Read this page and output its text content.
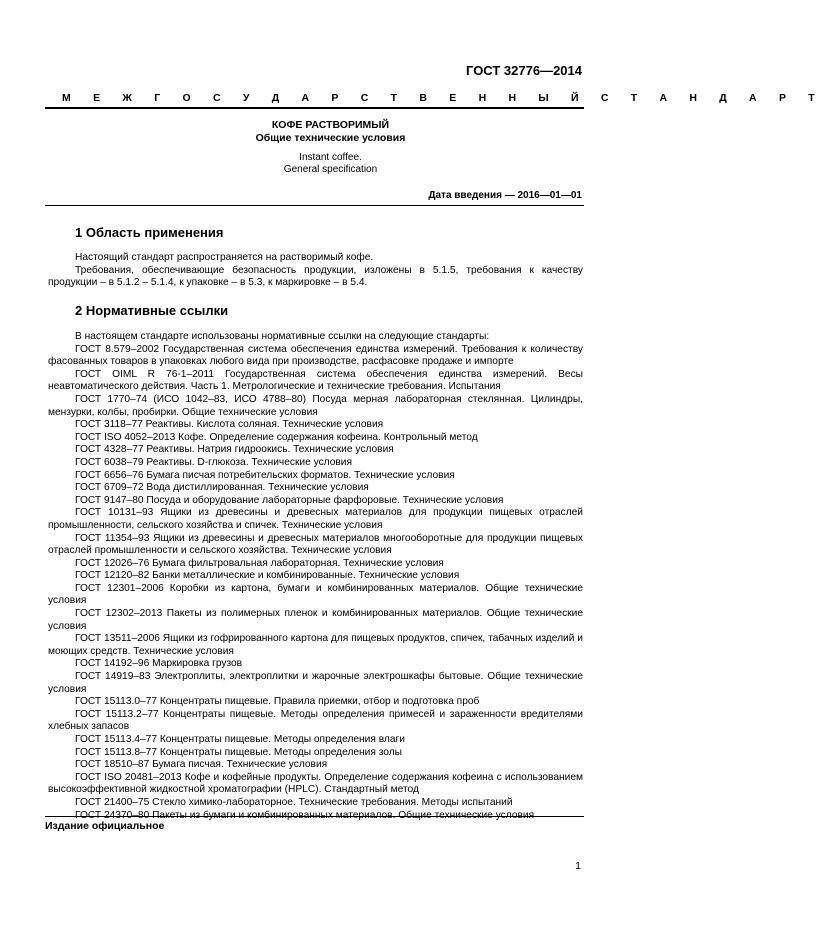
ГОСТ 32776—2014
М Е Ж Г О С У Д А Р С Т В Е Н Н Ы Й С Т А Н Д А Р Т
КОФЕ РАСТВОРИМЫЙ
Общие технические условия
Instant coffee.
General specification
Дата введения — 2016—01—01
1 Область применения

Настоящий стандарт распространяется на растворимый кофе.

Требования, обеспечивающие безопасность продукции, изложены в 5.1.5, требования к качеству продукции – в 5.1.2 – 5.1.4, к упаковке – в 5.3, к маркировке – в 5.4.

2 Нормативные ссылки

В настоящем стандарте использованы нормативные ссылки на следующие стандарты:

ГОСТ 8.579–2002 Государственная система обеспечения единства измерений. Требования к количеству фасованных товаров в упаковках любого вида при производстве, расфасовке продаже и импорте

ГОСТ OIML R 76-1–2011 Государственная система обеспечения единства измерений. Весы неавтоматического действия. Часть 1. Метрологические и технические требования. Испытания

ГОСТ 1770–74 (ИСО 1042–83, ИСО 4788–80) Посуда мерная лабораторная стеклянная. Цилиндры, мензурки, колбы, пробирки. Общие технические условия

ГОСТ 3118–77 Реактивы. Кислота соляная. Технические условия

ГОСТ ISO 4052–2013 Кофе. Определение содержания кофеина. Контрольный метод

ГОСТ 4328–77 Реактивы. Натрия гидроокись. Технические условия

ГОСТ 6038–79 Реактивы. D-глюкоза. Технические условия

ГОСТ 6656–76 Бумага писчая потребительских форматов. Технические условия

ГОСТ 6709–72 Вода дистиллированная. Технические условия

ГОСТ 9147–80 Посуда и оборудование лабораторные фарфоровые. Технические условия

ГОСТ 10131–93 Ящики из древесины и древесных материалов для продукции пищевых отраслей промышленности, сельского хозяйства и спичек. Технические условия

ГОСТ 11354–93 Ящики из древесины и древесных материалов многооборотные для продукции пищевых отраслей промышленности и сельского хозяйства. Технические условия

ГОСТ 12026–76 Бумага фильтровальная лабораторная. Технические условия

ГОСТ 12120–82 Банки металлические и комбинированные. Технические условия

ГОСТ 12301–2006 Коробки из картона, бумаги и комбинированных материалов. Общие технические условия

ГОСТ 12302–2013 Пакеты из полимерных пленок и комбинированных материалов. Общие технические условия

ГОСТ 13511–2006 Ящики из гофрированного картона для пищевых продуктов, спичек, табачных изделий и моющих средств. Технические условия

ГОСТ 14192–96 Маркировка грузов

ГОСТ 14919–83 Электроплиты, электроплитки и жарочные электрошкафы бытовые. Общие технические условия

ГОСТ 15113.0–77 Концентраты пищевые. Правила приемки, отбор и подготовка проб

ГОСТ 15113.2–77 Концентраты пищевые. Методы определения примесей и зараженности вредителями хлебных запасов

ГОСТ 15113.4–77 Концентраты пищевые. Методы определения влаги

ГОСТ 15113.8–77 Концентраты пищевые. Методы определения золы

ГОСТ 18510–87 Бумага писчая. Технические условия

ГОСТ ISO 20481–2013 Кофе и кофейные продукты. Определение содержания кофеина с использованием высокоэффективной жидкостной хроматографии (HPLC). Стандартный метод

ГОСТ 21400–75 Стекло химико-лабораторное. Технические требования. Методы испытаний

Издание официальное
1
